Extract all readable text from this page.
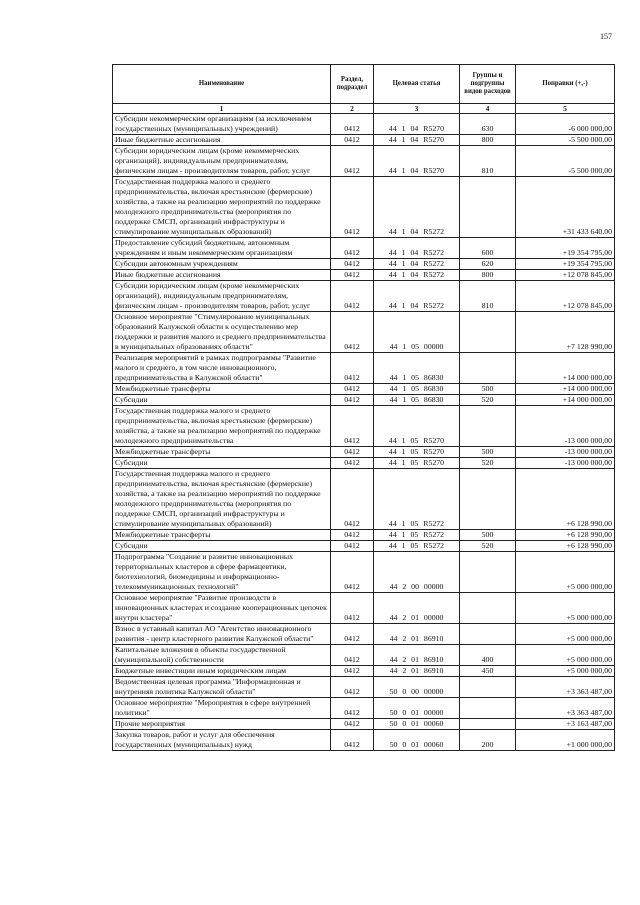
157
Наименование	Раздел, подраздел	Целевая статья	Группы и подгруппы видов расходов	Поправки (+,-)
1	2	3	4	5
Субсидии некоммерческим организациям (за исключением государственных (муниципальных) учреждений)	0412	44 1 04 R5270	630	-6 000 000,00
Иные бюджетные ассигнования	0412	44 1 04 R5270	800	-5 500 000,00
Субсидии юридическим лицам (кроме некоммерческих организаций), индивидуальным предпринимателям, физическим лицам - производителям товаров, работ, услуг	0412	44 1 04 R5270	810	-5 500 000,00
Государственная поддержка малого и среднего предпринимательства, включая крестьянские (фермерские) хозяйства, а также на реализацию мероприятий по поддержке молодежного предпринимательства (мероприятия по поддержке СМСП, организаций инфраструктуры и стимулирование муниципальных образований)	0412	44 1 04 R5272		+31 433 640,00
Предоставление субсидий бюджетным, автономным учреждениям и иным некоммерческим организациям	0412	44 1 04 R5272	600	+19 354 795,00
Субсидии автономным учреждениям	0412	44 1 04 R5272	620	+19 354 795,00
Иные бюджетные ассигнования	0412	44 1 04 R5272	800	+12 078 845,00
Субсидии юридическим лицам (кроме некоммерческих организаций), индивидуальным предпринимателям, физическим лицам - производителям товаров, работ, услуг	0412	44 1 04 R5272	810	+12 078 845,00
Основное мероприятие "Стимулирование муниципальных образований Калужской области к осуществлению мер поддержки и развития малого и среднего предпринимательства в муниципальных образованиях области"	0412	44 1 05 00000		+7 128 990,00
Реализация мероприятий в рамках подпрограммы "Развитие малого и среднего, в том числе инновационного, предпринимательства в Калужской области"	0412	44 1 05 86830		+14 000 000,00
Межбюджетные трансферты	0412	44 1 05 86830	500	+14 000 000,00
Субсидии	0412	44 1 05 86830	520	+14 000 000,00
Государственная поддержка малого и среднего предпринимательства, включая крестьянские (фермерские) хозяйства, а также на реализацию мероприятий по поддержке молодежного предпринимательства	0412	44 1 05 R5270		-13 000 000,00
Межбюджетные трансферты	0412	44 1 05 R5270	500	-13 000 000,00
Субсидии	0412	44 1 05 R5270	520	-13 000 000,00
Государственная поддержка малого и среднего предпринимательства, включая крестьянские (фермерские) хозяйства, а также на реализацию мероприятий по поддержке молодежного предпринимательства (мероприятия по поддержке СМСП, организаций инфраструктуры и стимулирование муниципальных образований)	0412	44 1 05 R5272		+6 128 990,00
Межбюджетные трансферты	0412	44 1 05 R5272	500	+6 128 990,00
Субсидии	0412	44 1 05 R5272	520	+6 128 990,00
Подпрограмма "Создание и развитие инновационных территориальных кластеров в сфере фармацевтики, биотехнологий, биомедицины и информационно-телекоммуникационных технологий"	0412	44 2 00 00000		+5 000 000,00
Основное мероприятие "Развитие производств в инновационных кластерах и создание кооперационных цепочек внутри кластера"	0412	44 2 01 00000		+5 000 000,00
Взнос в уставный капитал АО "Агентство инновационного развития - центр кластерного развития Калужской области"	0412	44 2 01 86910		+5 000 000,00
Капитальные вложения в объекты государственной (муниципальной) собственности	0412	44 2 01 86910	400	+5 000 000,00
Бюджетные инвестиции иным юридическим лицам	0412	44 2 01 86910	450	+5 000 000,00
Ведомственная целевая программа "Информационная и внутренняя политика Калужской области"	0412	50 0 00 00000		+3 363 487,00
Основное мероприятие "Мероприятия в сфере внутренней политики"	0412	50 0 01 00000		+3 363 487,00
Прочие мероприятия	0412	50 0 01 00060		+3 163 487,00
Закупка товаров, работ и услуг для обеспечения государственных (муниципальных) нужд	0412	50 0 01 00060	200	+1 000 000,00
